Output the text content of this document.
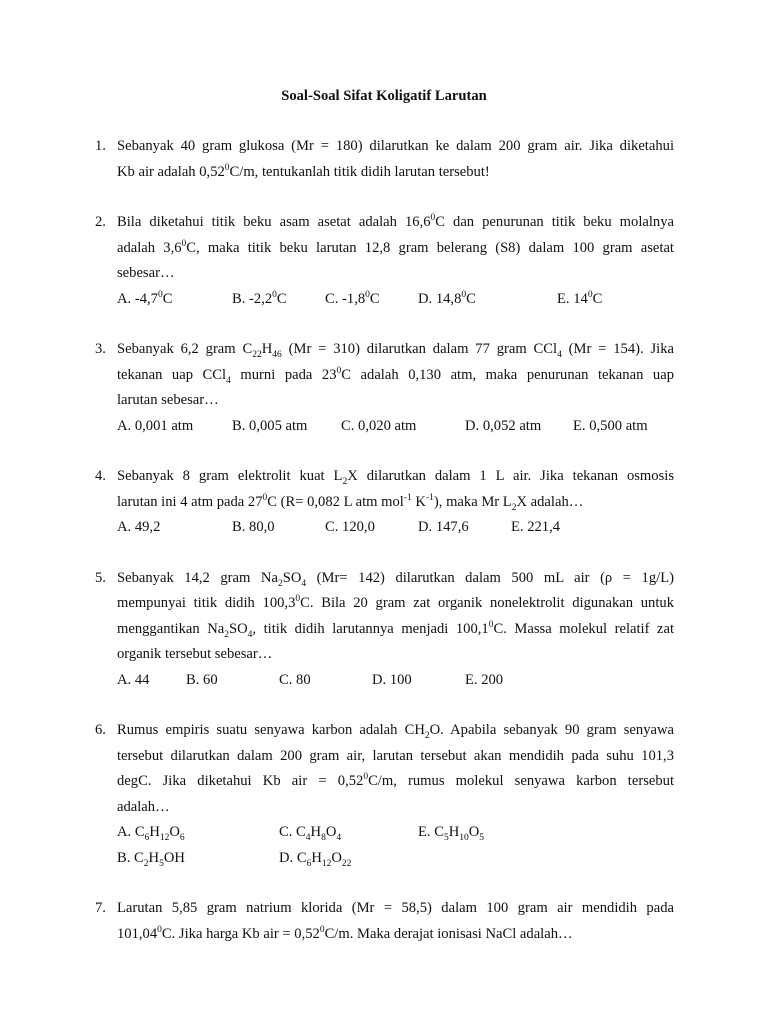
Soal-Soal Sifat Koligatif Larutan
1. Sebanyak 40 gram glukosa (Mr = 180) dilarutkan ke dalam 200 gram air. Jika diketahui
Kb air adalah 0,52$^0$C/m, tentukanlah titik didih larutan tersebut!
2. Bila diketahui titik beku asam asetat adalah 16,6$^0$C dan penurunan titik beku molalnya
adalah $3,6^0C$, maka titik beku larutan 12,8 gram belerang (S8) dalam 100 gram asetat
sebesar…
A. $-4,7^0C$	B. $-2,2^0C$	C. $-1,8^0C$	D. 14,8$^0$C	E. $14^0C$
3. Sebanyak 6,2 gram $C_{22}H_{46}$ (Mr = 310) dilarutkan dalam 77 gram CCl$_4$ (Mr = 154). Jika
tekanan uap CCl$_4$ murni pada $23^0C$ adalah 0,130 atm, maka penurunan tekanan uap
larutan sebesar…
A. 0,001 atm	B. 0,005 atm C. 0,020 atm	D. 0,052 atm E. 0,500 atm
4. Sebanyak 8 gram elektrolit kuat $L_2X$ dilarutkan dalam 1 L air. Jika tekanan osmosis
larutan ini 4 atm pada $27^0C$ (R= 0,082 L atm mol$^{-1}$ $K^{-1}$), maka Mr $L_2X$ adalah…
A. 49,2	B. 80,0	C. 120,0	D. 147,6	E. 221,4
5. Sebanyak 14,2 gram $Na_2SO_4$ (Mr= 142) dilarutkan dalam 500 mL air (ρ = 1g/L)
mempunyai titik didih 100,3$^0$C. Bila 20 gram zat organik nonelektrolit digunakan untuk
menggantikan $Na_2SO_4$, titik didih larutannya menjadi 100,1$^0$C. Massa molekul relatif zat
organik tersebut sebesar…
A. 44	B. 60	C. 80	D. 100	E. 200
6. Rumus empiris suatu senyawa karbon adalah $CH_2O$. Apabila sebanyak 90 gram senyawa
tersebut dilarutkan dalam 200 gram air, larutan tersebut akan mendidih pada suhu 101,3
degC. Jika diketahui Kb air = $0,52^0C/m$, rumus molekul senyawa karbon tersebut
adalah…
A. $C_6H_{12}O_6$	C. $C_4H_8O_4$	E. $C_5H_{10}O_5$
B. $C_2H_5OH$	D. $C_6H_{12}O_{22}$
7. Larutan 5,85 gram natrium klorida (Mr = 58,5) dalam 100 gram air mendidih pada
101,04$^0$C. Jika harga Kb air = $0,52^0C/m$. Maka derajat ionisasi NaCl adalah…
